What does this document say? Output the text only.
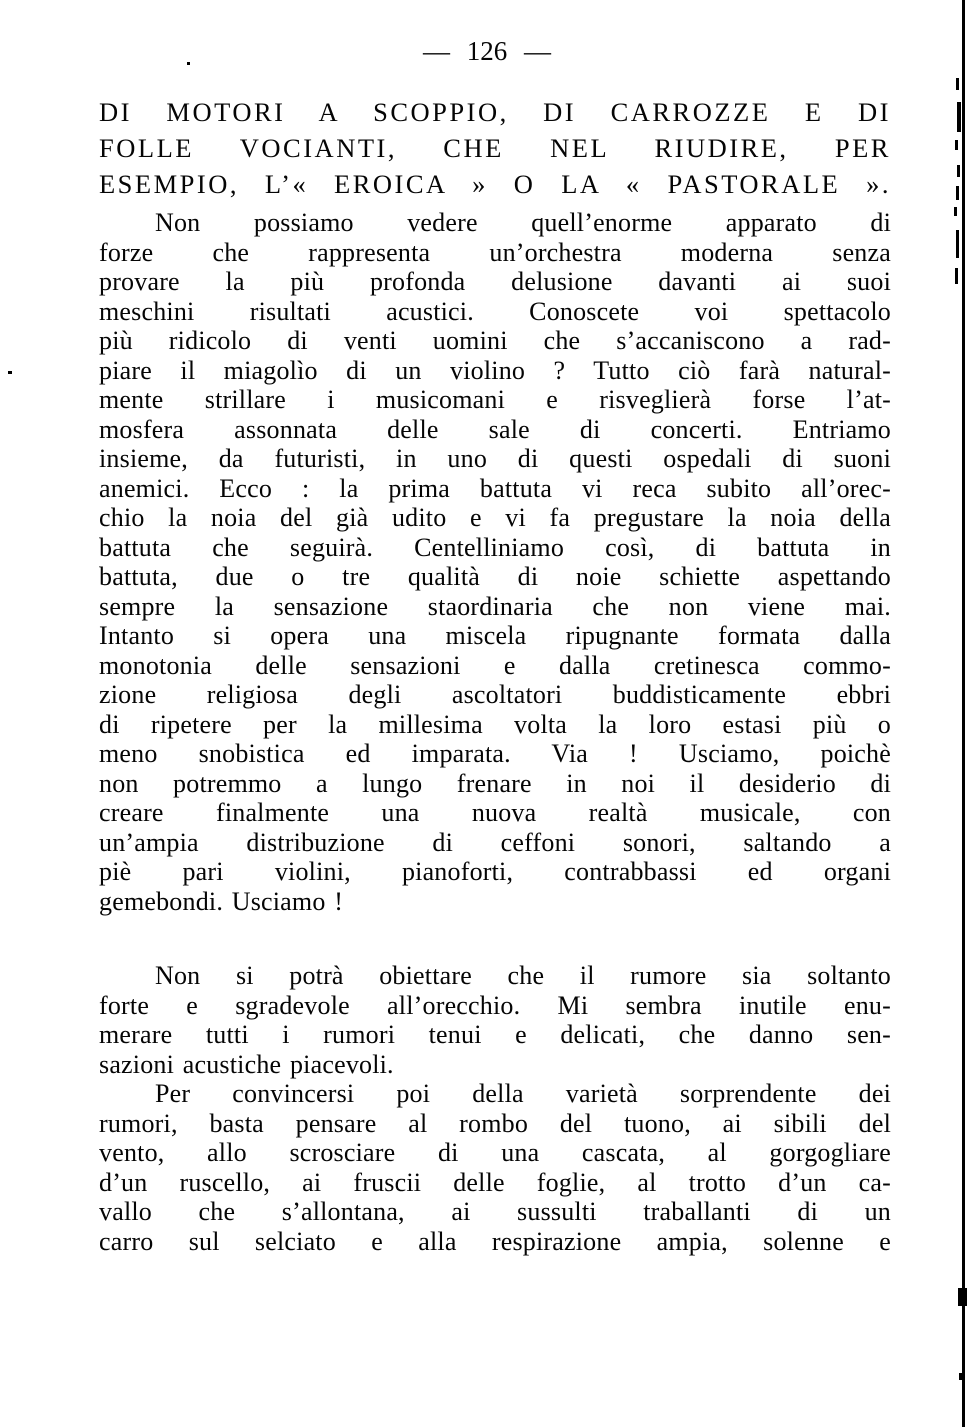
— 126 —
DI MOTORI A SCOPPIO, DI CARROZZE E DI
FOLLE VOCIANTI, CHE NEL RIUDIRE, PER
ESEMPIO, L’« EROICA » O LA « PASTORALE ».
Non possiamo vedere quell’enorme apparato di
forze che rappresenta un’orchestra moderna senza
provare la più profonda delusione davanti ai suoi
meschini risultati acustici. Conoscete voi spettacolo
più ridicolo di venti uomini che s’accaniscono a rad-
piare il miagolìo di un violino ? Tutto ciò farà natural-
mente strillare i musicomani e risveglierà forse l’at-
mosfera assonnata delle sale di concerti. Entriamo
insieme, da futuristi, in uno di questi ospedali di suoni
anemici. Ecco : la prima battuta vi reca subito all’orec-
chio la noia del già udito e vi fa pregustare la noia della
battuta che seguirà. Centelliniamo così, di battuta in
battuta, due o tre qualità di noie schiette aspettando
sempre la sensazione staordinaria che non viene mai.
Intanto si opera una miscela ripugnante formata dalla
monotonia delle sensazioni e dalla cretinesca commo-
zione religiosa degli ascoltatori buddisticamente ebbri
di ripetere per la millesima volta la loro estasi più o
meno snobistica ed imparata. Via ! Usciamo, poichè
non potremmo a lungo frenare in noi il desiderio di
creare finalmente una nuova realtà musicale, con
un’ampia distribuzione di ceffoni sonori, saltando a
piè pari violini, pianoforti, contrabbassi ed organi
gemebondi. Usciamo !
Non si potrà obiettare che il rumore sia soltanto
forte e sgradevole all’orecchio. Mi sembra inutile enu-
merare tutti i rumori tenui e delicati, che danno sen-
sazioni acustiche piacevoli.
Per convincersi poi della varietà sorprendente dei
rumori, basta pensare al rombo del tuono, ai sibili del
vento, allo scrosciare di una cascata, al gorgogliare
d’un ruscello, ai fruscii delle foglie, al trotto d’un ca-
vallo che s’allontana, ai sussulti traballanti di un
carro sul selciato e alla respirazione ampia, solenne e
